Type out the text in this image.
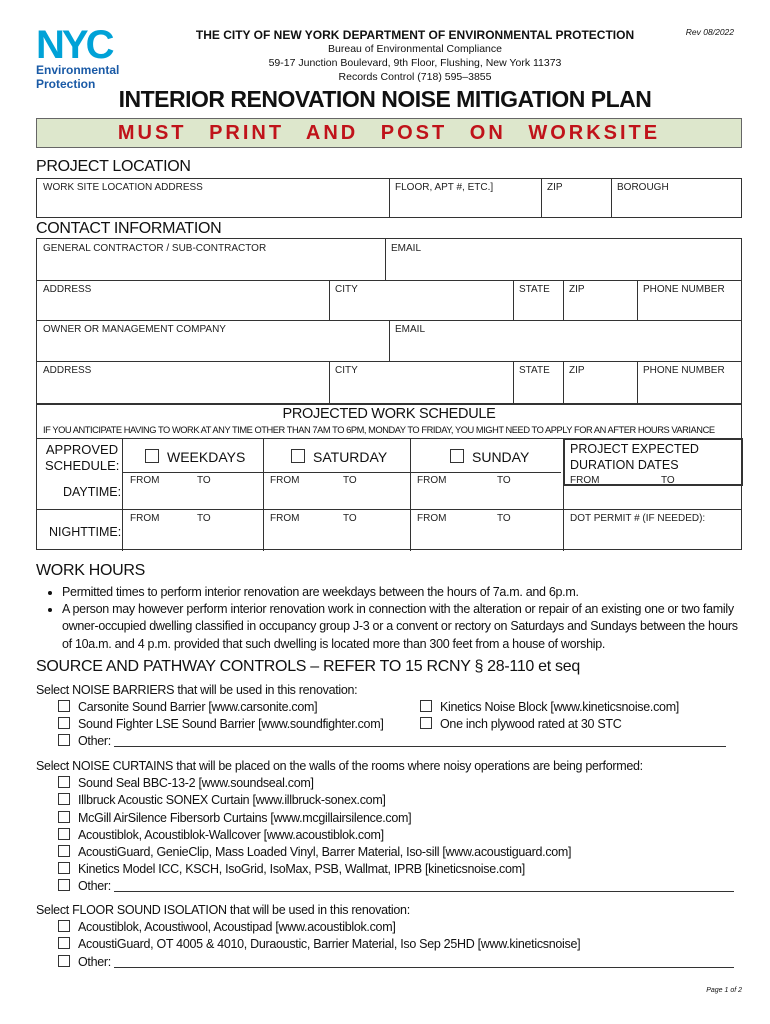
NYC
Environmental
Protection
THE CITY OF NEW YORK DEPARTMENT OF ENVIRONMENTAL PROTECTION
Bureau of Environmental Compliance
59-17 Junction Boulevard, 9th Floor, Flushing, New York 11373
Records Control (718) 595–3855
Rev 08/2022
INTERIOR RENOVATION NOISE MITIGATION PLAN
MUST PRINT AND POST ON WORKSITE
PROJECT LOCATION
WORK SITE LOCATION ADDRESS	FLOOR, APT #, ETC.]	ZIP	BOROUGH
CONTACT INFORMATION
GENERAL CONTRACTOR / SUB-CONTRACTOR	EMAIL
ADDRESS	CITY	STATE ZIP	PHONE NUMBER
OWNER OR MANAGEMENT COMPANY	EMAIL
ADDRESS	CITY	STATE ZIP	PHONE NUMBER
PROJECTED WORK SCHEDULE
IF YOU ANTICIPATE HAVING TO WORK AT ANY TIME OTHER THAN 7AM TO 6PM, MONDAY TO FRIDAY, YOU MIGHT NEED TO APPLY FOR AN AFTER HOURS VARIANCE
APPROVED SCHEDULE:
WEEKDAYS	SATURDAY	SUNDAY	PROJECT EXPECTED DURATION DATES
DAYTIME:
FROM	TO	FROM	TO	FROM	TO	FROM	TO
NIGHTTIME:
FROM	TO	FROM	TO	FROM	TO	DOT PERMIT # (IF NEEDED):
WORK HOURS
• Permitted times to perform interior renovation are weekdays between the hours of 7a.m. and 6p.m.
• A person may however perform interior renovation work in connection with the alteration or repair of an existing one or two family owner-occupied dwelling classified in occupancy group J-3 or a convent or rectory on Saturdays and Sundays between the hours of 10a.m. and 4 p.m. provided that such dwelling is located more than 300 feet from a house of worship.
SOURCE AND PATHWAY CONTROLS – REFER TO 15 RCNY § 28-110 et seq
Select NOISE BARRIERS that will be used in this renovation:
Carsonite Sound Barrier [www.carsonite.com]
Sound Fighter LSE Sound Barrier [www.soundfighter.com]
Kinetics Noise Block [www.kineticsnoise.com]
One inch plywood rated at 30 STC
Other:
Select NOISE CURTAINS that will be placed on the walls of the rooms where noisy operations are being performed:
Sound Seal BBC-13-2 [www.soundseal.com]
Illbruck Acoustic SONEX Curtain [www.illbruck-sonex.com]
McGill AirSilence Fibersorb Curtains [www.mcgillairsilence.com]
Acoustiblok, Acoustiblok-Wallcover [www.acoustiblok.com]
AcoustiGuard, GenieClip, Mass Loaded Vinyl, Barrer Material, Iso-sill [www.acoustiguard.com]
Kinetics Model ICC, KSCH, IsoGrid, IsoMax, PSB, Wallmat, IPRB [kineticsnoise.com]
Other:
Select FLOOR SOUND ISOLATION that will be used in this renovation:
Acoustiblok, Acoustiwool, Acoustipad [www.acoustiblok.com]
AcoustiGuard, OT 4005 & 4010, Duraoustic, Barrier Material, Iso Sep 25HD [www.kineticsnoise]
Other:
Page 1 of 2
